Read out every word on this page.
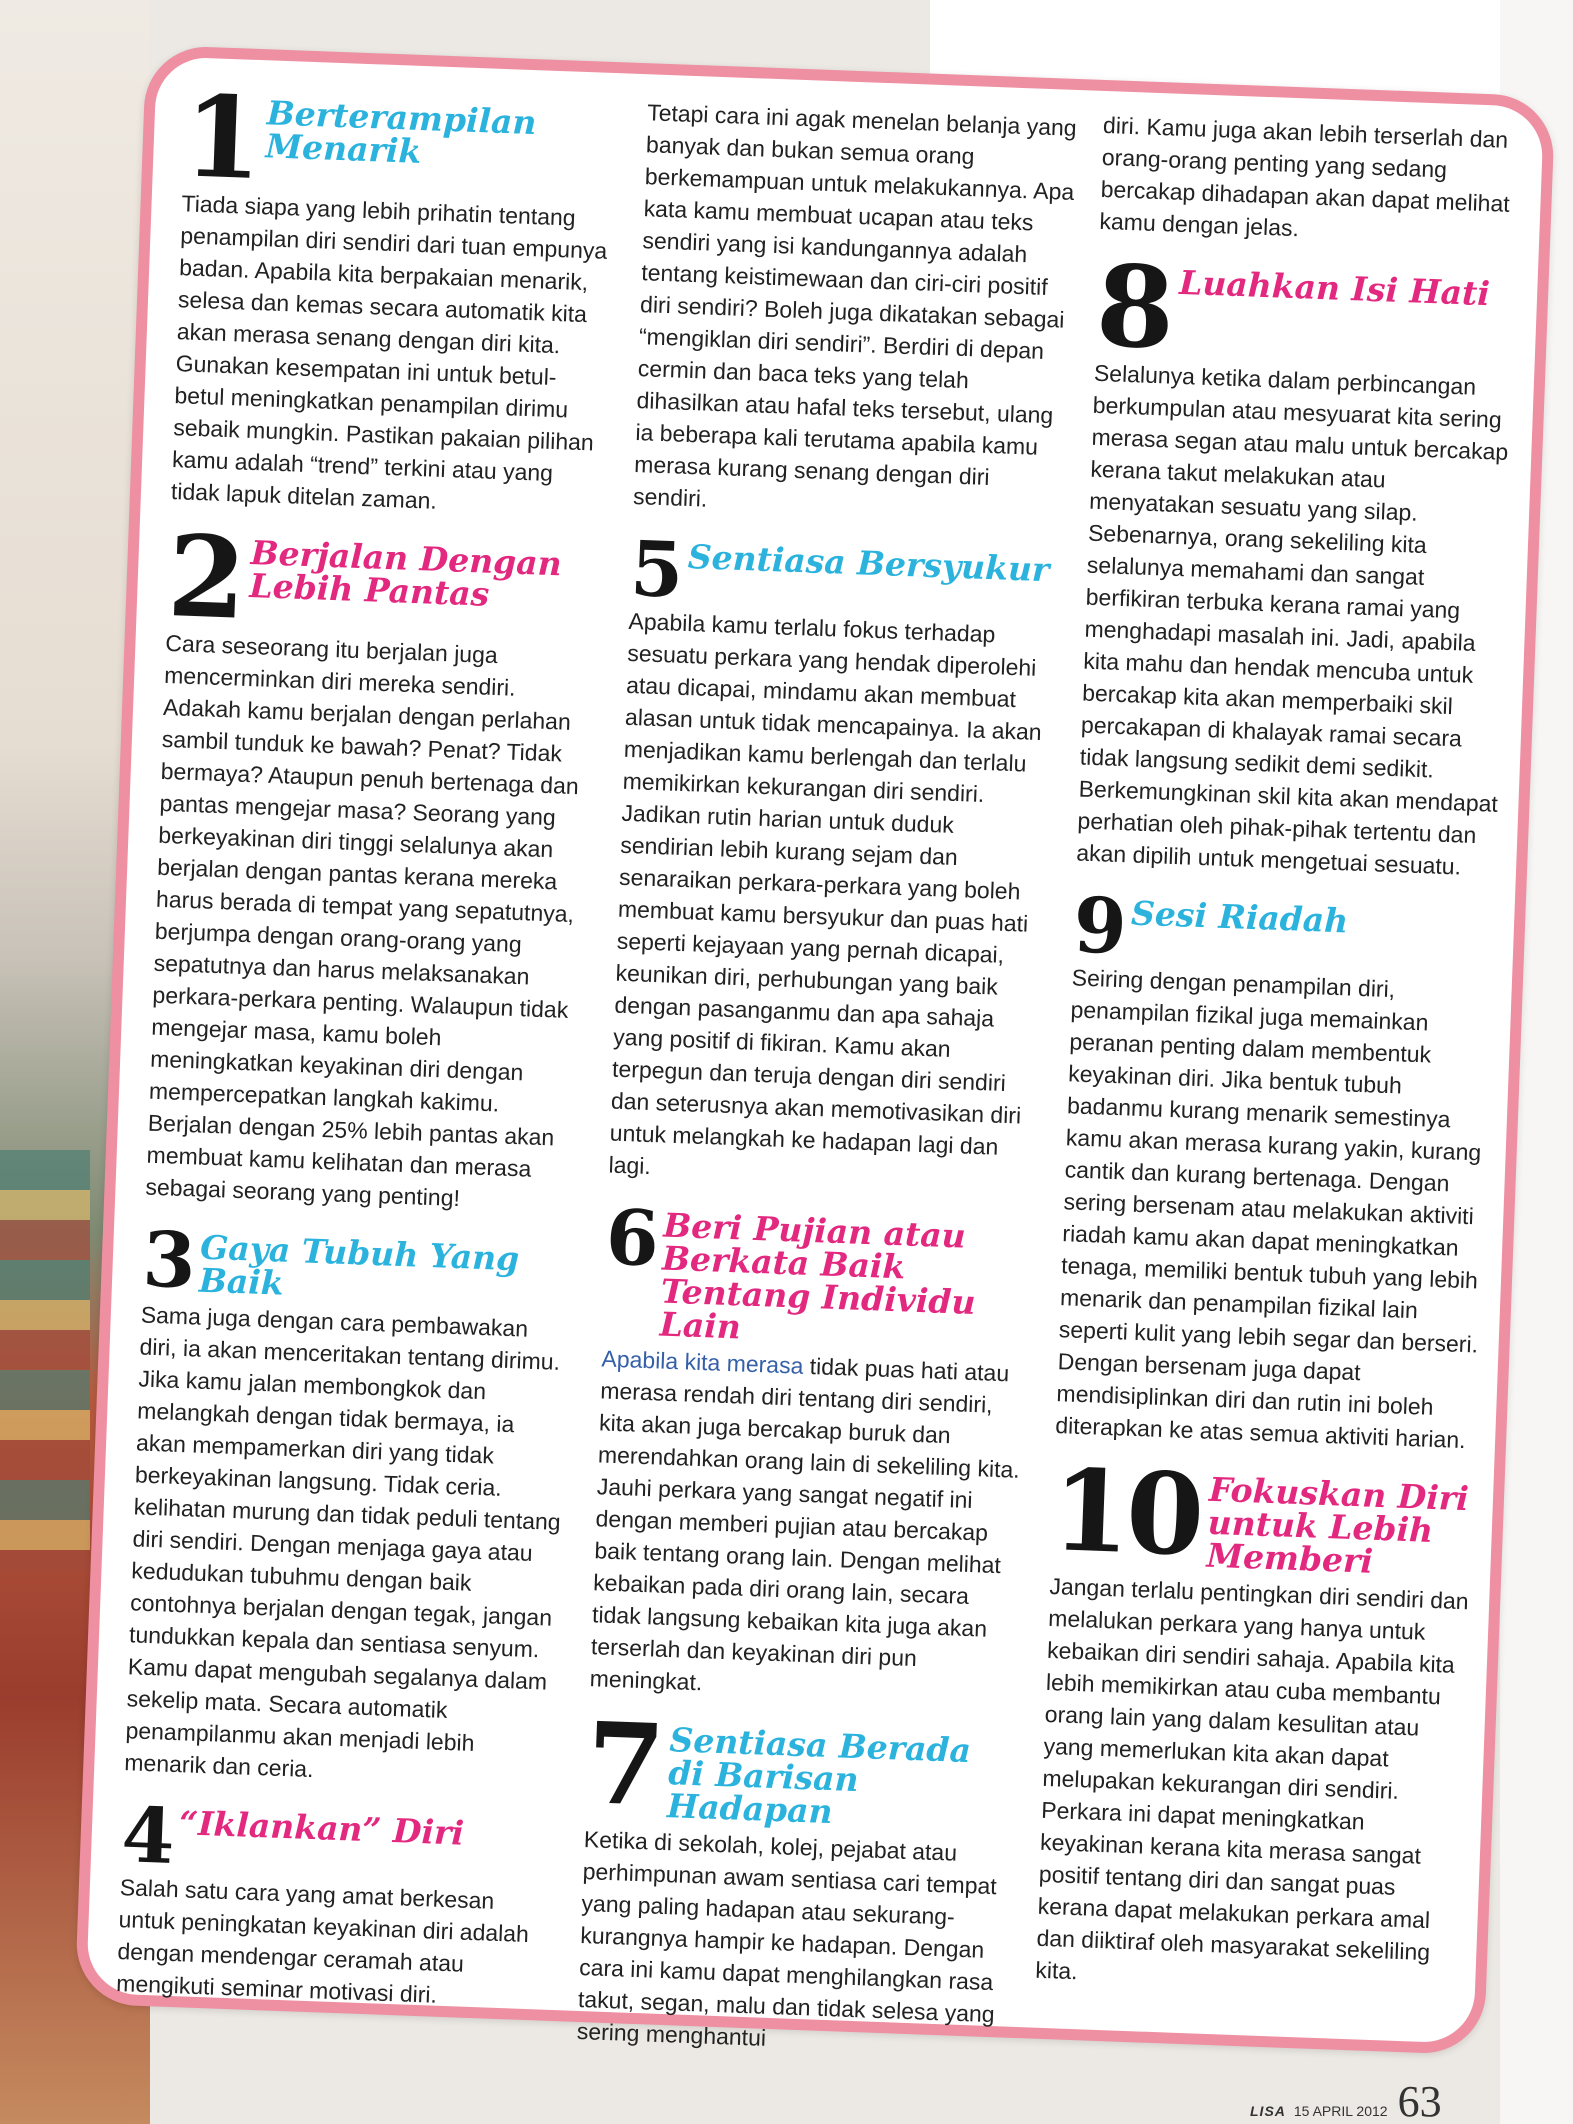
1 Berterampilan Menarik

Tiada siapa yang lebih prihatin tentang penampilan diri sendiri dari tuan empunya badan. Apabila kita berpakaian menarik, selesa dan kemas secara automatik kita akan merasa senang dengan diri kita. Gunakan kesempatan ini untuk betul-betul meningkatkan penampilan dirimu sebaik mungkin. Pastikan pakaian pilihan kamu adalah “trend” terkini atau yang tidak lapuk ditelan zaman.

2 Berjalan Dengan Lebih Pantas

Cara seseorang itu berjalan juga mencerminkan diri mereka sendiri. Adakah kamu berjalan dengan perlahan sambil tunduk ke bawah? Penat? Tidak bermaya? Ataupun penuh bertenaga dan pantas mengejar masa? Seorang yang berkeyakinan diri tinggi selalunya akan berjalan dengan pantas kerana mereka harus berada di tempat yang sepatutnya, berjumpa dengan orang-orang yang sepatutnya dan harus melaksanakan perkara-perkara penting. Walaupun tidak mengejar masa, kamu boleh meningkatkan keyakinan diri dengan mempercepatkan langkah kakimu. Berjalan dengan 25% lebih pantas akan membuat kamu kelihatan dan merasa sebagai seorang yang penting!

3 Gaya Tubuh Yang Baik

Sama juga dengan cara pembawakan diri, ia akan menceritakan tentang dirimu. Jika kamu jalan membongkok dan melangkah dengan tidak bermaya, ia akan mempamerkan diri yang tidak berkeyakinan langsung. Tidak ceria. kelihatan murung dan tidak peduli tentang diri sendiri. Dengan menjaga gaya atau kedudukan tubuhmu dengan baik contohnya berjalan dengan tegak, jangan tundukkan kepala dan sentiasa senyum. Kamu dapat mengubah segalanya dalam sekelip mata. Secara automatik penampilanmu akan menjadi lebih menarik dan ceria.

4 “Iklankan” Diri

Salah satu cara yang amat berkesan untuk peningkatan keyakinan diri adalah dengan mendengar ceramah atau mengikuti seminar motivasi diri.

Tetapi cara ini agak menelan belanja yang banyak dan bukan semua orang berkemampuan untuk melakukannya. Apa kata kamu membuat ucapan atau teks sendiri yang isi kandungannya adalah tentang keistimewaan dan ciri-ciri positif diri sendiri? Boleh juga dikatakan sebagai “mengiklan diri sendiri”. Berdiri di depan cermin dan baca teks yang telah dihasilkan atau hafal teks tersebut, ulang ia beberapa kali terutama apabila kamu merasa kurang senang dengan diri sendiri.

5 Sentiasa Bersyukur

Apabila kamu terlalu fokus terhadap sesuatu perkara yang hendak diperolehi atau dicapai, mindamu akan membuat alasan untuk tidak mencapainya. Ia akan menjadikan kamu berlengah dan terlalu memikirkan kekurangan diri sendiri. Jadikan rutin harian untuk duduk sendirian lebih kurang sejam dan senaraikan perkara-perkara yang boleh membuat kamu bersyukur dan puas hati seperti kejayaan yang pernah dicapai, keunikan diri, perhubungan yang baik dengan pasanganmu dan apa sahaja yang positif di fikiran. Kamu akan terpegun dan teruja dengan diri sendiri dan seterusnya akan memotivasikan diri untuk melangkah ke hadapan lagi dan lagi.

6 Beri Pujian atau Berkata Baik Tentang Individu Lain

Apabila kita merasa tidak puas hati atau merasa rendah diri tentang diri sendiri, kita akan juga bercakap buruk dan merendahkan orang lain di sekeliling kita. Jauhi perkara yang sangat negatif ini dengan memberi pujian atau bercakap baik tentang orang lain. Dengan melihat kebaikan pada diri orang lain, secara tidak langsung kebaikan kita juga akan terserlah dan keyakinan diri pun meningkat.

7 Sentiasa Berada di Barisan Hadapan

Ketika di sekolah, kolej, pejabat atau perhimpunan awam sentiasa cari tempat yang paling hadapan atau sekurang-kurangnya hampir ke hadapan. Dengan cara ini kamu dapat menghilangkan rasa takut, segan, malu dan tidak selesa yang sering menghantui

diri. Kamu juga akan lebih terserlah dan orang-orang penting yang sedang bercakap dihadapan akan dapat melihat kamu dengan jelas.

8 Luahkan Isi Hati

Selalunya ketika dalam perbincangan berkumpulan atau mesyuarat kita sering merasa segan atau malu untuk bercakap kerana takut melakukan atau menyatakan sesuatu yang silap. Sebenarnya, orang sekeliling kita selalunya memahami dan sangat berfikiran terbuka kerana ramai yang menghadapi masalah ini. Jadi, apabila kita mahu dan hendak mencuba untuk bercakap kita akan memperbaiki skil percakapan di khalayak ramai secara tidak langsung sedikit demi sedikit. Berkemungkinan skil kita akan mendapat perhatian oleh pihak-pihak tertentu dan akan dipilih untuk mengetuai sesuatu.

9 Sesi Riadah

Seiring dengan penampilan diri, penampilan fizikal juga memainkan peranan penting dalam membentuk keyakinan diri. Jika bentuk tubuh badanmu kurang menarik semestinya kamu akan merasa kurang yakin, kurang cantik dan kurang bertenaga. Dengan sering bersenam atau melakukan aktiviti riadah kamu akan dapat meningkatkan tenaga, memiliki bentuk tubuh yang lebih menarik dan penampilan fizikal lain seperti kulit yang lebih segar dan berseri. Dengan bersenam juga dapat mendisiplinkan diri dan rutin ini boleh diterapkan ke atas semua aktiviti harian.

10 Fokuskan Diri untuk Lebih Memberi

Jangan terlalu pentingkan diri sendiri dan melalukan perkara yang hanya untuk kebaikan diri sendiri sahaja. Apabila kita lebih memikirkan atau cuba membantu orang lain yang dalam kesulitan atau yang memerlukan kita akan dapat melupakan kekurangan diri sendiri. Perkara ini dapat meningkatkan keyakinan kerana kita merasa sangat positif tentang diri dan sangat puas kerana dapat melakukan perkara amal dan diiktiraf oleh masyarakat sekeliling kita.

LISA 15 APRIL 2012 63
